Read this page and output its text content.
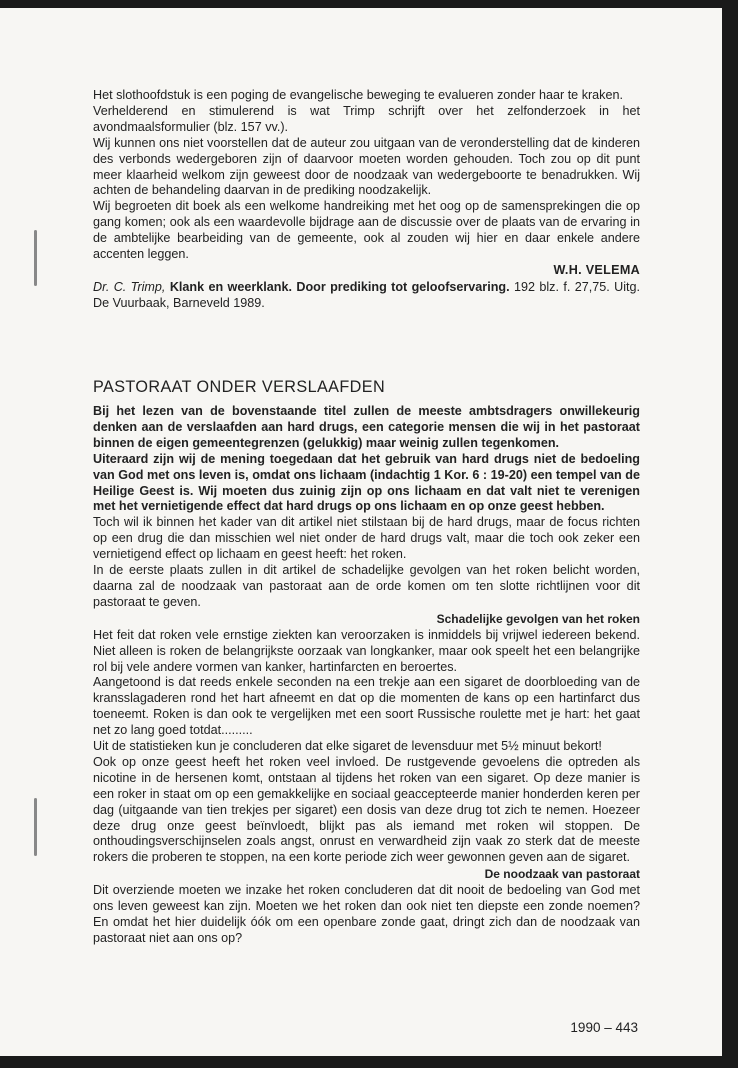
Het slothoofdstuk is een poging de evangelische beweging te evalueren zonder haar te kraken.

Verhelderend en stimulerend is wat Trimp schrijft over het zelfonderzoek in het avondmaalsformulier (blz. 157 vv.).

Wij kunnen ons niet voorstellen dat de auteur zou uitgaan van de veronderstelling dat de kinderen des verbonds wedergeboren zijn of daarvoor moeten worden gehouden. Toch zou op dit punt meer klaarheid welkom zijn geweest door de noodzaak van wedergeboorte te benadrukken. Wij achten de behandeling daarvan in de prediking noodzakelijk.

Wij begroeten dit boek als een welkome handreiking met het oog op de samensprekingen die op gang komen; ook als een waardevolle bijdrage aan de discussie over de plaats van de ervaring in de ambtelijke bearbeiding van de gemeente, ook al zouden wij hier en daar enkele andere accenten leggen.

W.H. VELEMA

Dr. C. Trimp, Klank en weerklank. Door prediking tot geloofservaring. 192 blz. f. 27,75. Uitg. De Vuurbaak, Barneveld 1989.

PASTORAAT ONDER VERSLAAFDEN

Bij het lezen van de bovenstaande titel zullen de meeste ambtsdragers onwillekeurig denken aan de verslaafden aan hard drugs, een categorie mensen die wij in het pastoraat binnen de eigen gemeentegrenzen (gelukkig) maar weinig zullen tegenkomen.

Uiteraard zijn wij de mening toegedaan dat het gebruik van hard drugs niet de bedoeling van God met ons leven is, omdat ons lichaam (indachtig 1 Kor. 6 : 19-20) een tempel van de Heilige Geest is. Wij moeten dus zuinig zijn op ons lichaam en dat valt niet te verenigen met het vernietigende effect dat hard drugs op ons lichaam en op onze geest hebben.

Toch wil ik binnen het kader van dit artikel niet stilstaan bij de hard drugs, maar de focus richten op een drug die dan misschien wel niet onder de hard drugs valt, maar die toch ook zeker een vernietigend effect op lichaam en geest heeft: het roken.

In de eerste plaats zullen in dit artikel de schadelijke gevolgen van het roken belicht worden, daarna zal de noodzaak van pastoraat aan de orde komen om ten slotte richtlijnen voor dit pastoraat te geven.

Schadelijke gevolgen van het roken

Het feit dat roken vele ernstige ziekten kan veroorzaken is inmiddels bij vrijwel iedereen bekend. Niet alleen is roken de belangrijkste oorzaak van longkanker, maar ook speelt het een belangrijke rol bij vele andere vormen van kanker, hartinfarcten en beroertes.

Aangetoond is dat reeds enkele seconden na een trekje aan een sigaret de doorbloeding van de kransslagaderen rond het hart afneemt en dat op die momenten de kans op een hartinfarct dus toeneemt. Roken is dan ook te vergelijken met een soort Russische roulette met je hart: het gaat net zo lang goed totdat.........

Uit de statistieken kun je concluderen dat elke sigaret de levensduur met 5½ minuut bekort!

Ook op onze geest heeft het roken veel invloed. De rustgevende gevoelens die optreden als nicotine in de hersenen komt, ontstaan al tijdens het roken van een sigaret. Op deze manier is een roker in staat om op een gemakkelijke en sociaal geaccepteerde manier honderden keren per dag (uitgaande van tien trekjes per sigaret) een dosis van deze drug tot zich te nemen. Hoezeer deze drug onze geest beïnvloedt, blijkt pas als iemand met roken wil stoppen. De onthoudingsverschijnselen zoals angst, onrust en verwardheid zijn vaak zo sterk dat de meeste rokers die proberen te stoppen, na een korte periode zich weer gewonnen geven aan de sigaret.

De noodzaak van pastoraat

Dit overziende moeten we inzake het roken concluderen dat dit nooit de bedoeling van God met ons leven geweest kan zijn. Moeten we het roken dan ook niet ten diepste een zonde noemen? En omdat het hier duidelijk óók om een openbare zonde gaat, dringt zich dan de noodzaak van pastoraat niet aan ons op?

1990 – 443
